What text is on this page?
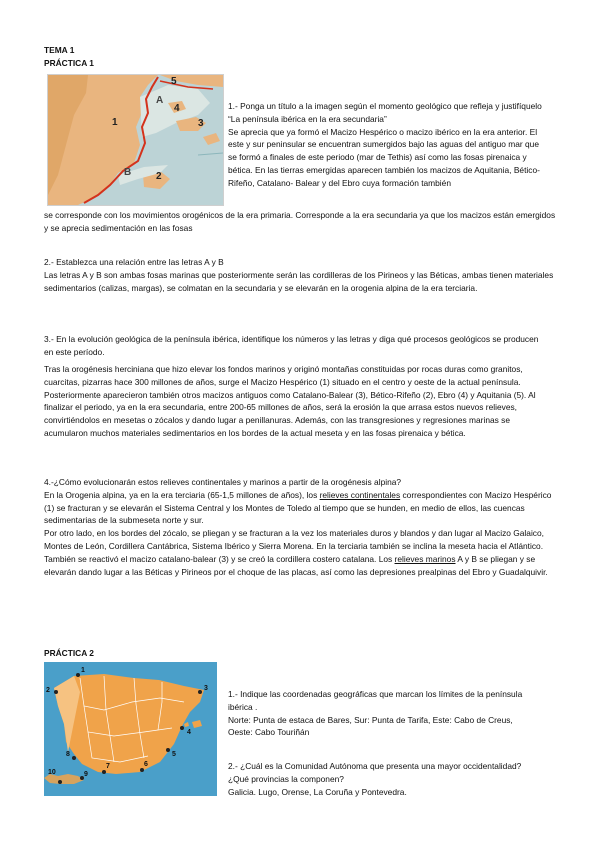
TEMA 1
PRÁCTICA 1
1
2
3
4
5
A
B

1.- Ponga un título a la imagen según el momento geológico que refleja y justifíquelo

“La península ibérica en la era secundaria”

Se aprecia que ya formó el Macizo Hespérico o macizo ibérico en la era anterior. El este y sur peninsular se encuentran sumergidos bajo las aguas del antiguo mar que se formó a finales de este periodo (mar de Tethis) así como las fosas pirenaica y bética. En las tierras emergidas aparecen también los macizos de Aquitania, Bético- Rifeño, Catalano- Balear y del Ebro cuya formación también

se corresponde con los movimientos orogénicos de la era primaria. Corresponde a la era secundaria ya que los macizos están emergidos y se aprecia sedimentación en las fosas

2.- Establezca una relación entre las letras A y B

Las letras A y B son ambas fosas marinas que posteriormente serán las cordilleras de los Pirineos y las Béticas, ambas tienen materiales sedimentarios (calizas, margas), se colmatan en la secundaria y se elevarán en la orogenia alpina de la era terciaria.

3.- En la evolución geológica de la península ibérica, identifique los números y las letras y diga qué procesos geológicos se producen en este período.
Tras la orogénesis herciniana que hizo elevar los fondos marinos y originó montañas constituidas por rocas duras como granitos, cuarcitas, pizarras hace 300 millones de años, surge el Macizo Hespérico (1) situado en el centro y oeste de la actual península. Posteriormente aparecieron también otros macizos antiguos como Catalano-Balear (3), Bético-Rifeño (2), Ebro (4) y Aquitania (5). Al finalizar el periodo, ya en la era secundaria, entre 200-65 millones de años, será la erosión la que arrasa estos nuevos relieves, convirtiéndolos en mesetas o zócalos y dando lugar a penillanuras. Además, con las transgresiones y regresiones marinas se acumularon muchos materiales sedimentarios en los bordes de la actual meseta y en las fosas pirenaica y bética.

4.-¿Cómo evolucionarán estos relieves continentales y marinos a partir de la orogénesis alpina?

En la Orogenia alpina, ya en la era terciaria (65-1,5 millones de años), los relieves continentales correspondientes con Macizo Hespérico (1) se fracturan y se elevarán el Sistema Central y los Montes de Toledo al tiempo que se hunden, en medio de ellos, las cuencas sedimentarias de la submeseta norte y sur.

Por otro lado, en los bordes del zócalo, se pliegan y se fracturan a la vez los materiales duros y blandos y dan lugar al Macizo Galaico, Montes de León, Cordillera Cantábrica, Sistema Ibérico y Sierra Morena. En la terciaria también se inclina la meseta hacia el Atlántico.

También se reactivó el macizo catalano-balear (3) y se creó la cordillera costero catalana. Los relieves marinos A y B se pliegan y se elevarán dando lugar a las Béticas y Pirineos por el choque de las placas, así como las depresiones prealpinas del Ebro y Guadalquivir.

PRÁCTICA 2
1
2	3
4
5
6
7
8
9
10

1.- Indique las coordenadas geográficas que marcan los límites de la península ibérica .

Norte: Punta de estaca de Bares, Sur: Punta de Tarifa, Este: Cabo de Creus, Oeste: Cabo Touriñán

2.- ¿Cuál es la Comunidad Autónoma que presenta una mayor occidentalidad? ¿Qué provincias la componen?

Galicia. Lugo, Orense, La Coruña y Pontevedra.
